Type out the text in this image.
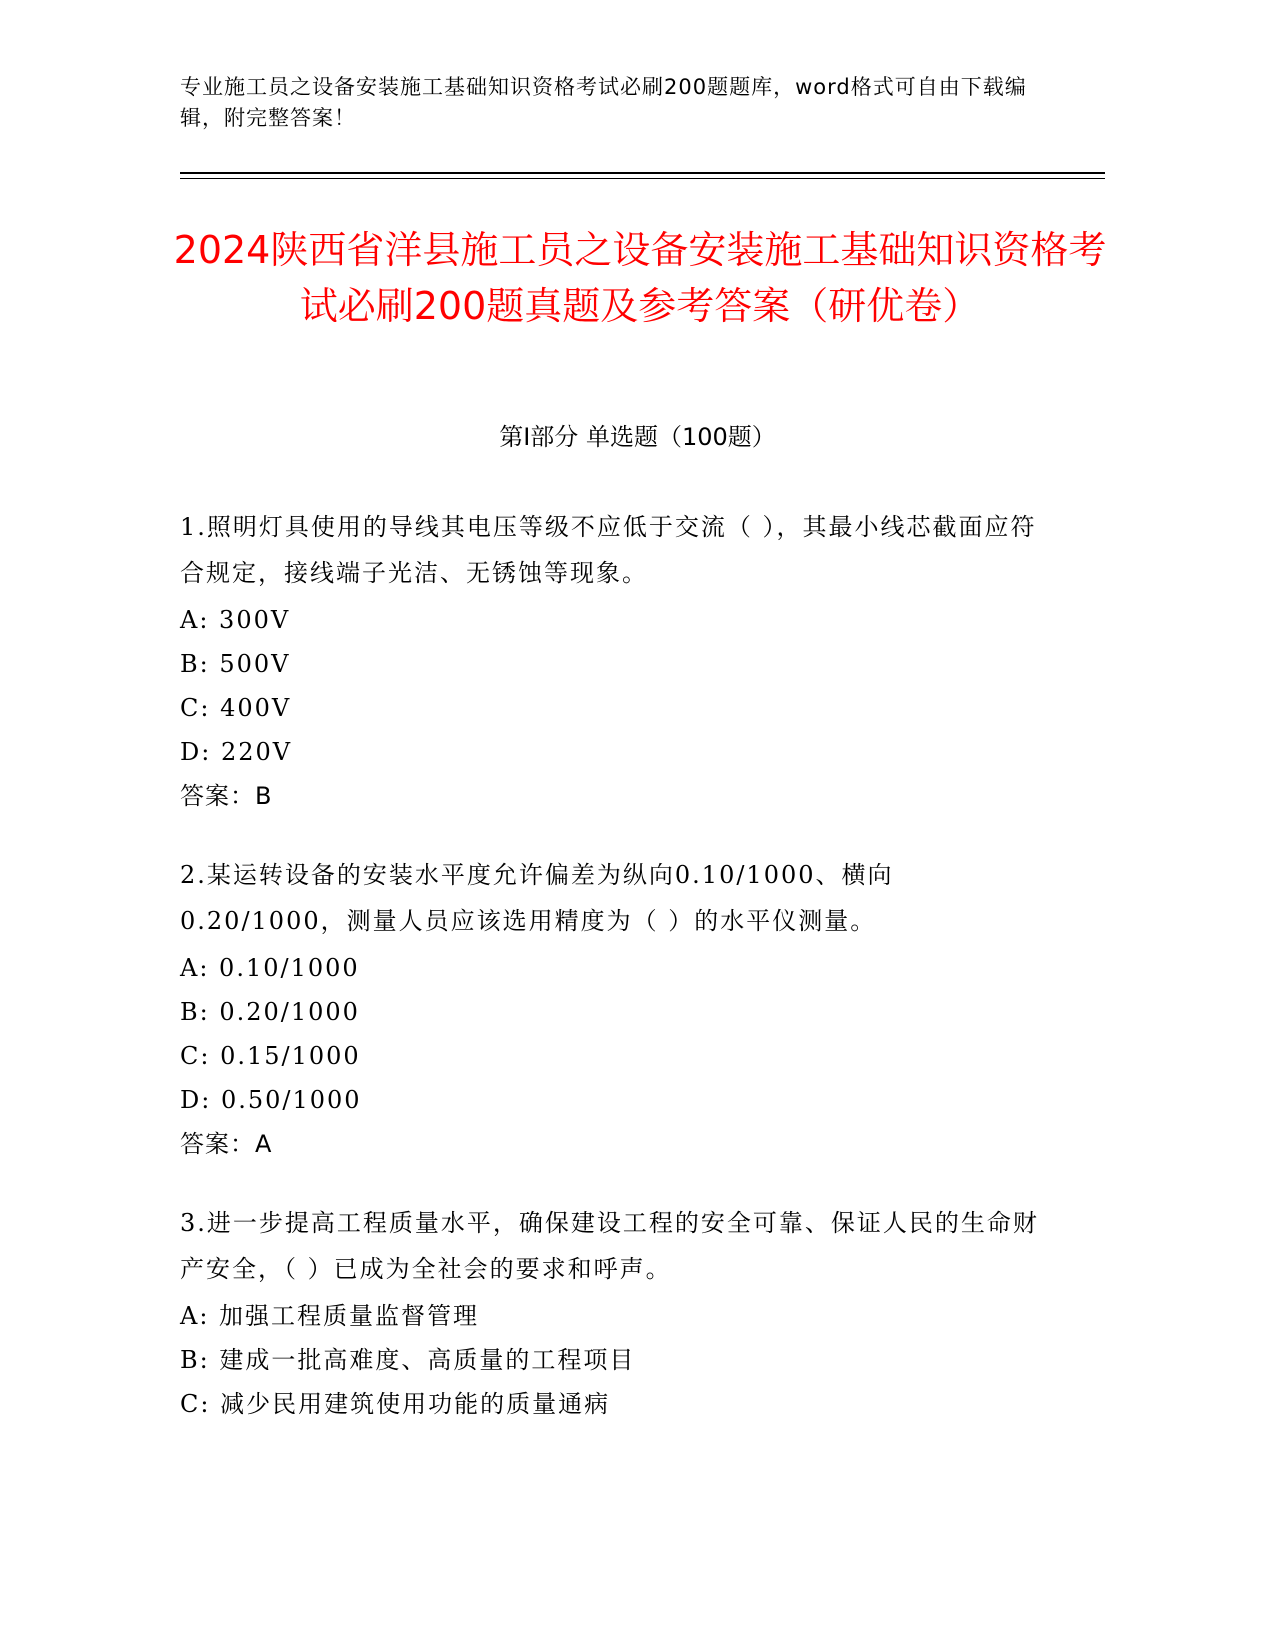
专业施工员之设备安装施工基础知识资格考试必刷200题题库，word格式可自由下载编辑，附完整答案！
2024陕西省洋县施工员之设备安装施工基础知识资格考试必刷200题真题及参考答案（研优卷）
第Ⅰ部分 单选题（100题）
1.照明灯具使用的导线其电压等级不应低于交流（ ），其最小线芯截面应符合规定，接线端子光洁、无锈蚀等现象。
A: 300V
B: 500V
C: 400V
D: 220V
答案：B
2.某运转设备的安装水平度允许偏差为纵向0.10/1000、横向0.20/1000，测量人员应该选用精度为（ ）的水平仪测量。
A: 0.10/1000
B: 0.20/1000
C: 0.15/1000
D: 0.50/1000
答案：A
3.进一步提高工程质量水平，确保建设工程的安全可靠、保证人民的生命财产安全，（ ）已成为全社会的要求和呼声。
A: 加强工程质量监督管理
B: 建成一批高难度、高质量的工程项目
C: 减少民用建筑使用功能的质量通病
